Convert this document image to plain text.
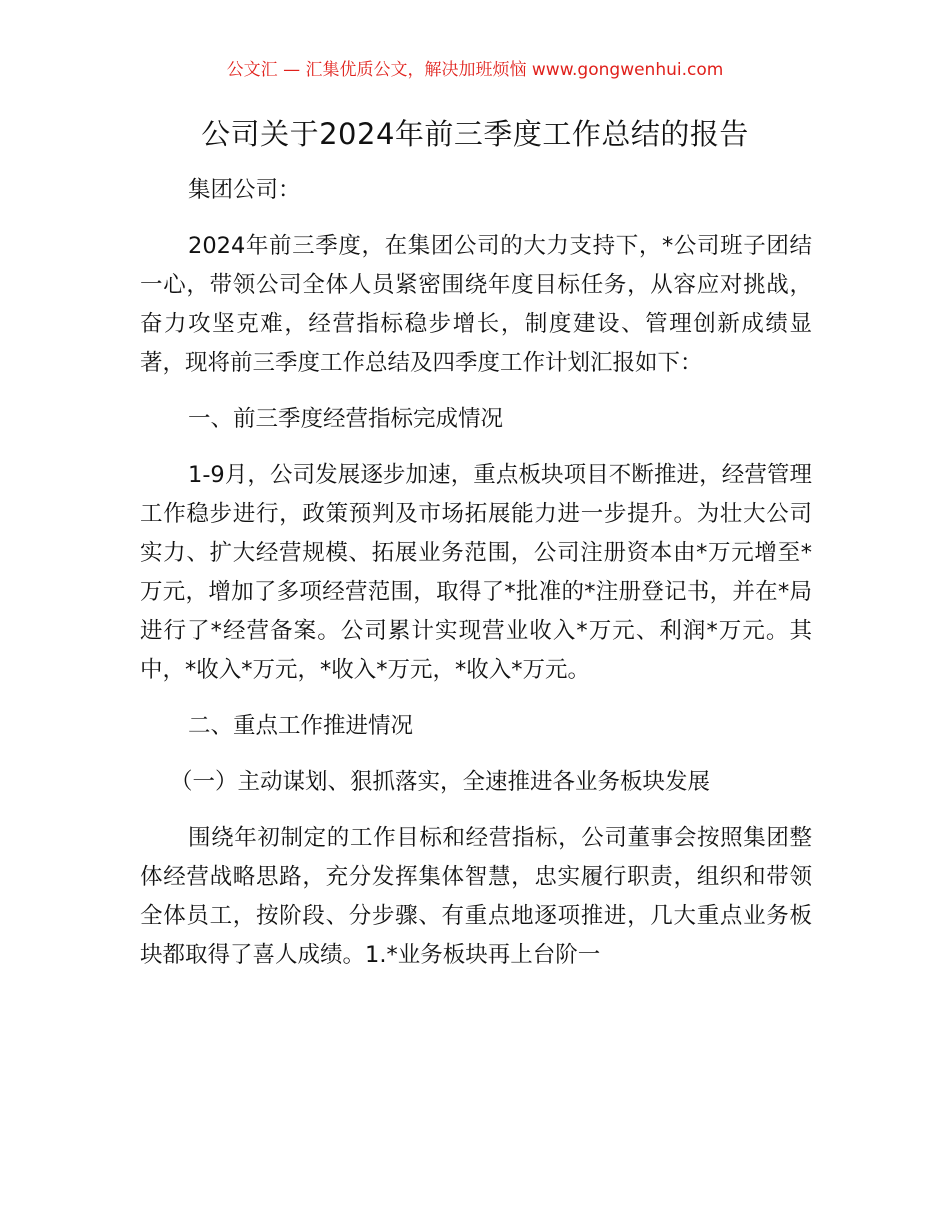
公文汇 — 汇集优质公文，解决加班烦恼 www.gongwenhui.com
公司关于2024年前三季度工作总结的报告

集团公司：

2024年前三季度，在集团公司的大力支持下，*公司班子团结一心，带领公司全体人员紧密围绕年度目标任务，从容应对挑战，奋力攻坚克难，经营指标稳步增长，制度建设、管理创新成绩显著，现将前三季度工作总结及四季度工作计划汇报如下：

一、前三季度经营指标完成情况

1-9月，公司发展逐步加速，重点板块项目不断推进，经营管理工作稳步进行，政策预判及市场拓展能力进一步提升。为壮大公司实力、扩大经营规模、拓展业务范围，公司注册资本由*万元增至*万元，增加了多项经营范围，取得了*批准的*注册登记书，并在*局进行了*经营备案。公司累计实现营业收入*万元、利润*万元。其中，*收入*万元，*收入*万元，*收入*万元。

二、重点工作推进情况

（一）主动谋划、狠抓落实，全速推进各业务板块发展

围绕年初制定的工作目标和经营指标，公司董事会按照集团整体经营战略思路，充分发挥集体智慧，忠实履行职责，组织和带领全体员工，按阶段、分步骤、有重点地逐项推进，几大重点业务板块都取得了喜人成绩。1.*业务板块再上台阶一
